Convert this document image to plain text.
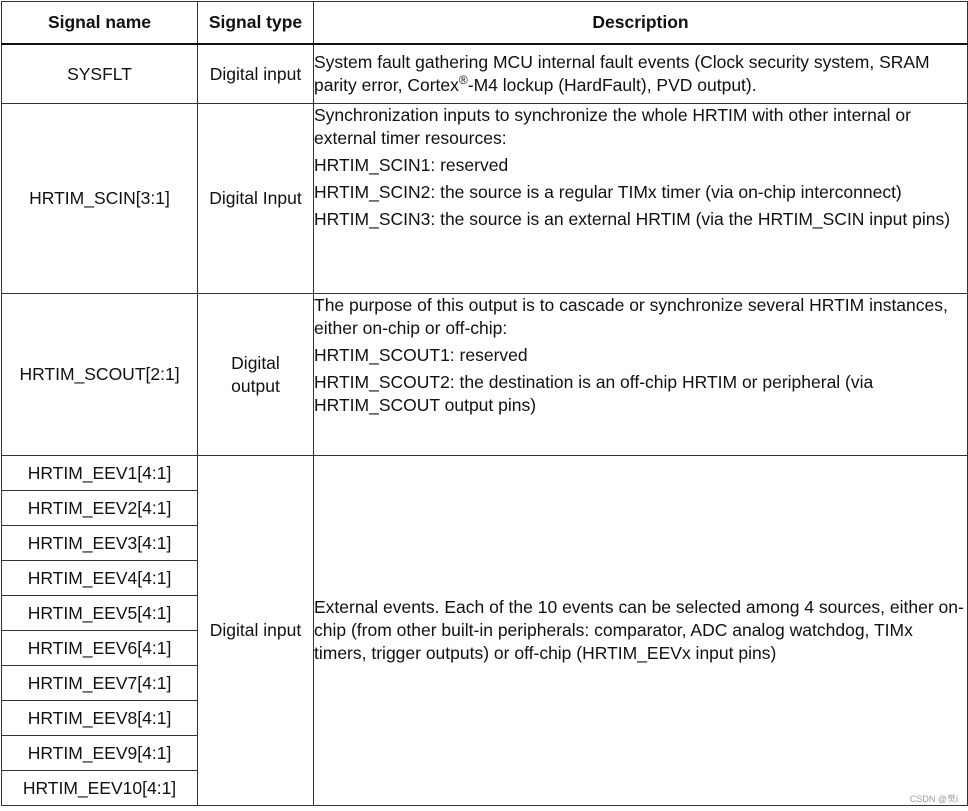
Signal name	Signal type	Description
SYSFLT	Digital input	System fault gathering MCU internal fault events (Clock security system, SRAM parity error, Cortex®-M4 lockup (HardFault), PVD output).
HRTIM_SCIN[3:1]	Digital Input	Synchronization inputs to synchronize the whole HRTIM with other internal or external timer resources:

HRTIM_SCIN1: reserved

HRTIM_SCIN2: the source is a regular TIMx timer (via on-chip interconnect)

HRTIM_SCIN3: the source is an external HRTIM (via the HRTIM_SCIN input pins)

HRTIM_SCOUT[2:1]	Digital output	The purpose of this output is to cascade or synchronize several HRTIM instances, either on-chip or off-chip:

HRTIM_SCOUT1: reserved

HRTIM_SCOUT2: the destination is an off-chip HRTIM or peripheral (via HRTIM_SCOUT output pins)

HRTIM_EEV1[4:1]	Digital input	External events. Each of the 10 events can be selected among 4 sources, either on-chip (from other built-in peripherals: comparator, ADC analog watchdog, TIMx timers, trigger outputs) or off-chip (HRTIM_EEVx input pins)
HRTIM_EEV2[4:1]		
HRTIM_EEV3[4:1]		
HRTIM_EEV4[4:1]		
HRTIM_EEV5[4:1]		
HRTIM_EEV6[4:1]		
HRTIM_EEV7[4:1]		
HRTIM_EEV8[4:1]		
HRTIM_EEV9[4:1]		
HRTIM_EEV10[4:1]		
CSDN @樊i
